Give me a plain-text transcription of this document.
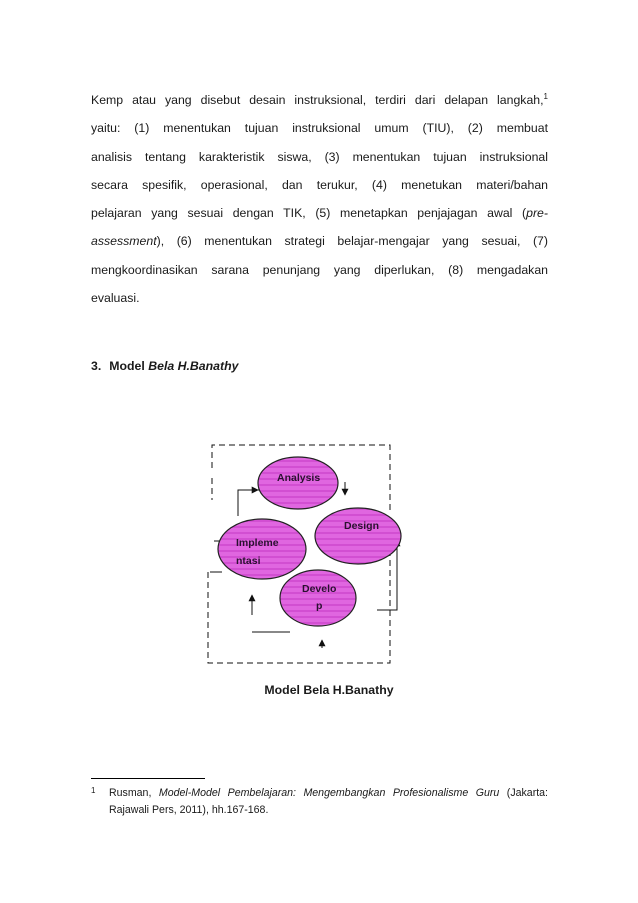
Kemp atau yang disebut desain instruksional, terdiri dari delapan langkah,$^1$
yaitu: (1) menentukan tujuan instruksional umum (TIU), (2) membuat
analisis tentang karakteristik siswa, (3) menentukan tujuan instruksional
secara spesifik, operasional, dan terukur, (4) menetukan materi/bahan
pelajaran yang sesuai dengan TIK, (5) menetapkan penjajagan awal (pre-
assessment), (6) menentukan strategi belajar-mengajar yang sesuai, (7)
mengkoordinasikan sarana penunjang yang diperlukan, (8) mengadakan
evaluasi.
3. Model Bela H.Banathy
Analysis
Design
Impleme
ntasi
Develo
p
Model Bela H.Banathy
1 Rusman, Model-Model Pembelajaran: Mengembangkan Profesionalisme Guru (Jakarta: Rajawali Pers, 2011), hh.167-168.
